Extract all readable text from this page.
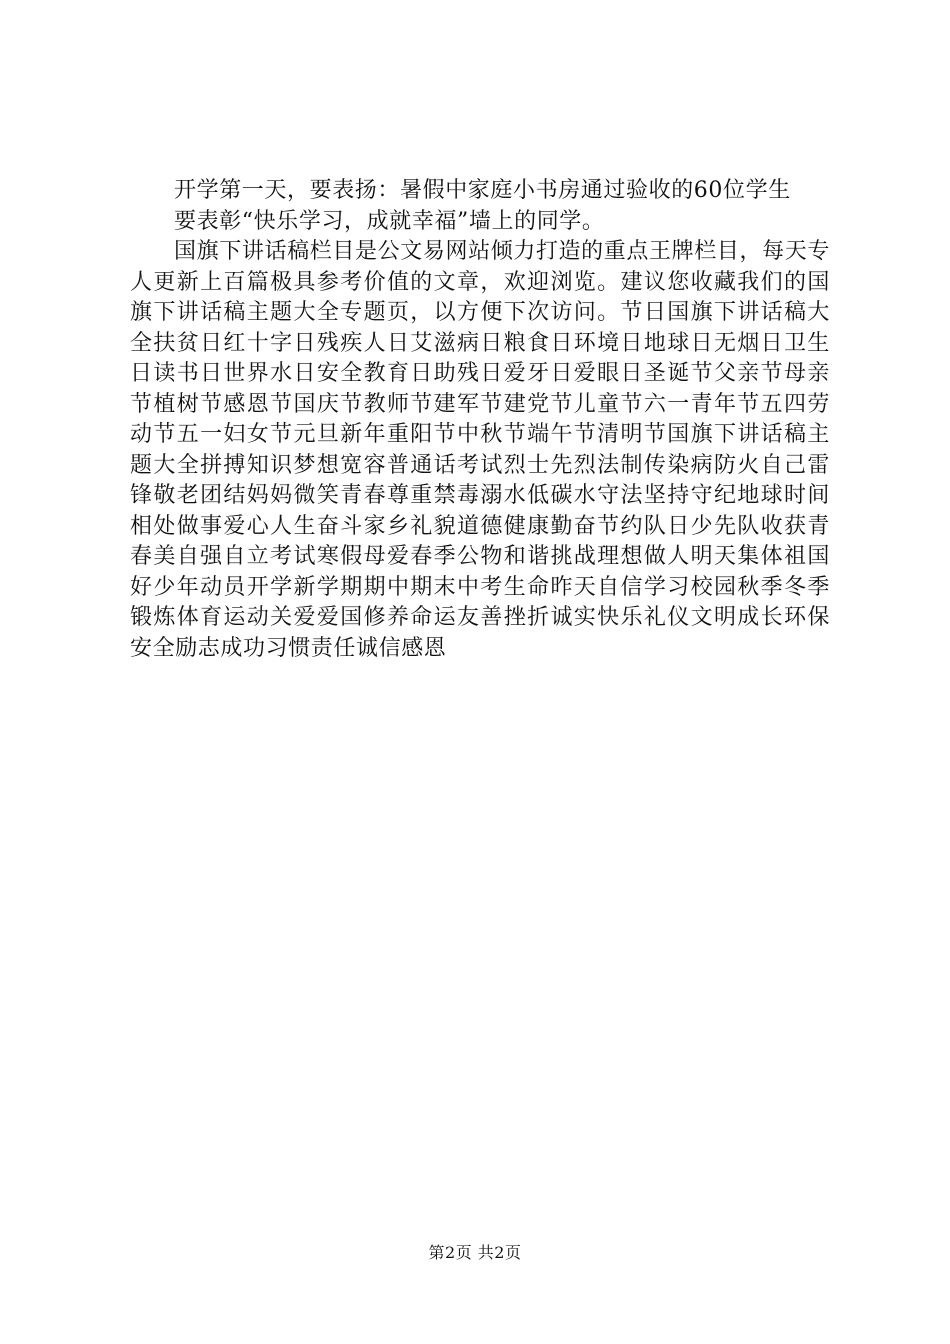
开学第一天，要表扬：暑假中家庭小书房通过验收的60位学生

要表彰“快乐学习，成就幸福”墙上的同学。

国旗下讲话稿栏目是公文易网站倾力打造的重点王牌栏目，每天专人更新上百篇极具参考价值的文章，欢迎浏览。建议您收藏我们的国旗下讲话稿主题大全专题页，以方便下次访问。节日国旗下讲话稿大全扶贫日红十字日残疾人日艾滋病日粮食日环境日地球日无烟日卫生日读书日世界水日安全教育日助残日爱牙日爱眼日圣诞节父亲节母亲节植树节感恩节国庆节教师节建军节建党节儿童节六一青年节五四劳动节五一妇女节元旦新年重阳节中秋节端午节清明节国旗下讲话稿主题大全拼搏知识梦想宽容普通话考试烈士先烈法制传染病防火自己雷锋敬老团结妈妈微笑青春尊重禁毒溺水低碳水守法坚持守纪地球时间相处做事爱心人生奋斗家乡礼貌道德健康勤奋节约队日少先队收获青春美自强自立考试寒假母爱春季公物和谐挑战理想做人明天集体祖国好少年动员开学新学期期中期末中考生命昨天自信学习校园秋季冬季锻炼体育运动关爱爱国修养命运友善挫折诚实快乐礼仪文明成长环保安全励志成功习惯责任诚信感恩

第2页 共2页
